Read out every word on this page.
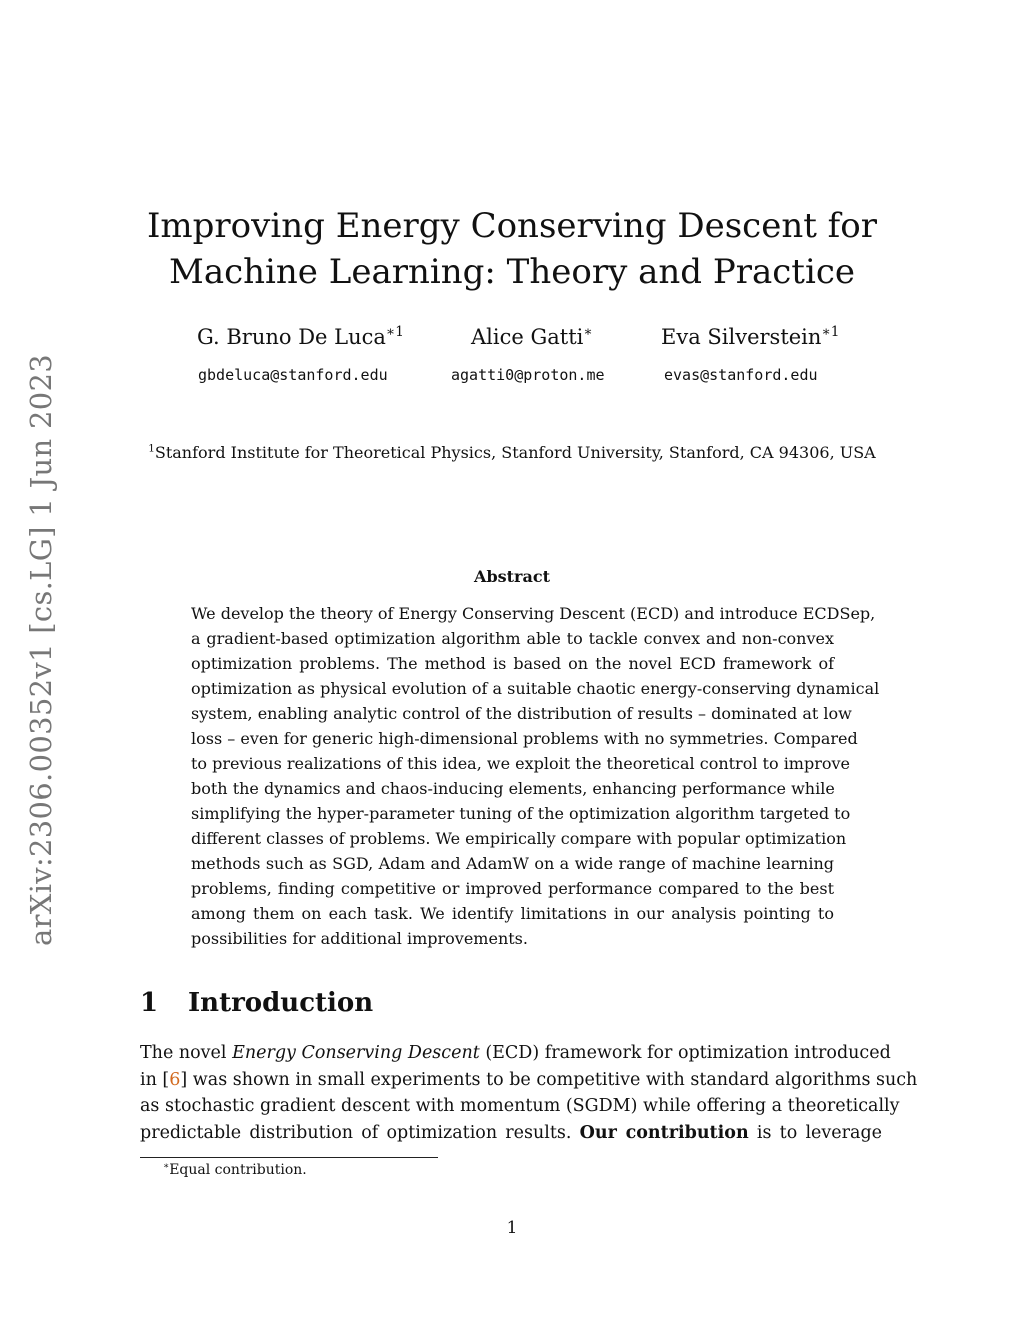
arXiv:2306.00352v1 [cs.LG] 1 Jun 2023
Improving Energy Conserving Descent for
Machine Learning: Theory and Practice
G. Bruno De Luca$^{∗1}$
gbdeluca@stanford.edu
Alice Gatti∗
agatti0@proton.me
Eva Silverstein$^{∗1}$
evas@stanford.edu
$^1$Stanford Institute for Theoretical Physics, Stanford University, Stanford, CA 94306, USA
Abstract
We develop the theory of Energy Conserving Descent (ECD) and introduce ECDSep,
a gradient-based optimization algorithm able to tackle convex and non-convex
optimization problems. The method is based on the novel ECD framework of
optimization as physical evolution of a suitable chaotic energy-conserving dynamical
system, enabling analytic control of the distribution of results – dominated at low
loss – even for generic high-dimensional problems with no symmetries. Compared
to previous realizations of this idea, we exploit the theoretical control to improve
both the dynamics and chaos-inducing elements, enhancing performance while
simplifying the hyper-parameter tuning of the optimization algorithm targeted to
different classes of problems. We empirically compare with popular optimization
methods such as SGD, Adam and AdamW on a wide range of machine learning
problems, finding competitive or improved performance compared to the best
among them on each task. We identify limitations in our analysis pointing to
possibilities for additional improvements.
1 Introduction
The novel Energy Conserving Descent (ECD) framework for optimization introduced
in [6] was shown in small experiments to be competitive with standard algorithms such
as stochastic gradient descent with momentum (SGDM) while offering a theoretically
predictable distribution of optimization results. Our contribution is to leverage
∗Equal contribution.
1
